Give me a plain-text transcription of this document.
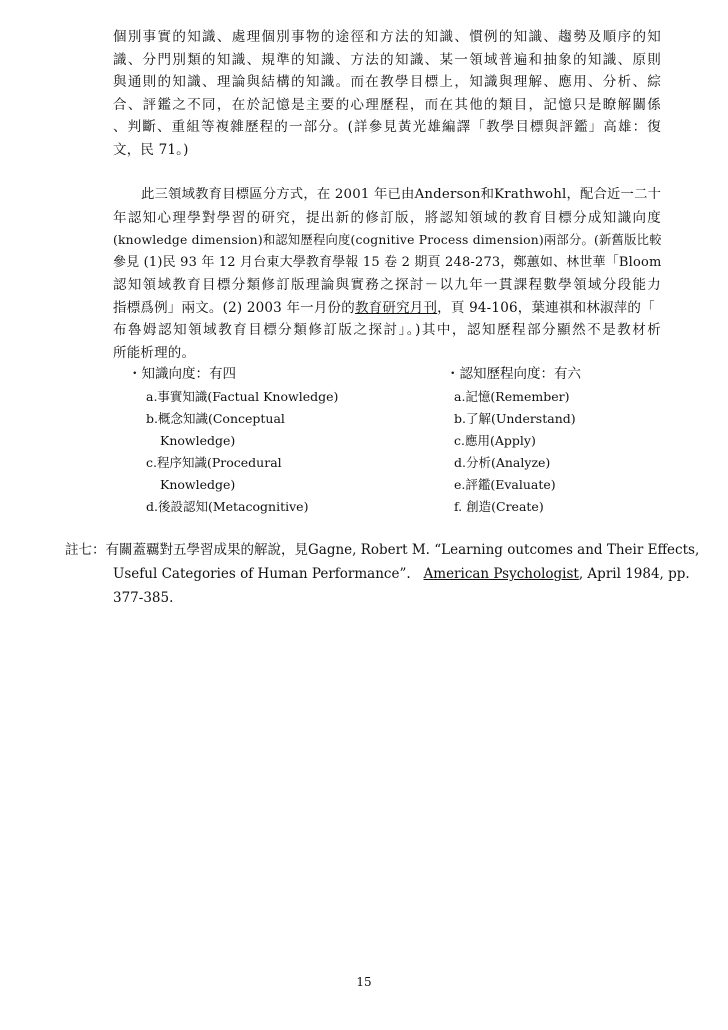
個別事實的知識、處理個別事物的途徑和方法的知識、慣例的知識、趨勢及順序的知
識、分門別類的知識、規準的知識、方法的知識、某一領域普遍和抽象的知識、原則
與通則的知識、理論與結構的知識。而在教學目標上，知識與理解、應用、分析、綜
合、評鑑之不同，在於記憶是主要的心理歷程，而在其他的類目，記憶只是瞭解關係
、判斷、重組等複雜歷程的一部分。(詳參見黃光雄編譯「教學目標與評鑑」高雄：復
文，民 71。)
此三領域教育目標區分方式，在 2001 年已由Anderson和Krathwohl，配合近一二十
年認知心理學對學習的研究，提出新的修訂版，將認知領域的教育目標分成知識向度
(knowledge dimension)和認知歷程向度(cognitive Process dimension)兩部分。(新舊版比較
參見 (1)民 93 年 12 月台東大學教育學報 15 卷 2 期頁 248-273，鄭蕙如、林世華「Bloom
認知領域教育目標分類修訂版理論與實務之探討－以九年一貫課程數學領域分段能力
指標爲例」兩文。(2) 2003 年一月份的教育研究月刊，頁 94-106，葉連祺和林淑萍的「
布魯姆認知領域教育目標分類修訂版之探討」。)其中，認知歷程部分顯然不是教材析
所能析理的。
・知識向度：有四
a.事實知識(Factual Knowledge)
b.概念知識(Conceptual
Knowledge)
c.程序知識(Procedural
Knowledge)
d.後設認知(Metacognitive)
・認知歷程向度：有六
a.記憶(Remember)
b.了解(Understand)
c.應用(Apply)
d.分析(Analyze)
e.評鑑(Evaluate)
f. 創造(Create)
註七：有關蓋覊對五學習成果的解說，見Gagne, Robert M. “Learning outcomes and Their Effects,
Useful Categories of Human Performance”.   American Psychologist, April 1984, pp.
377-385.
15
